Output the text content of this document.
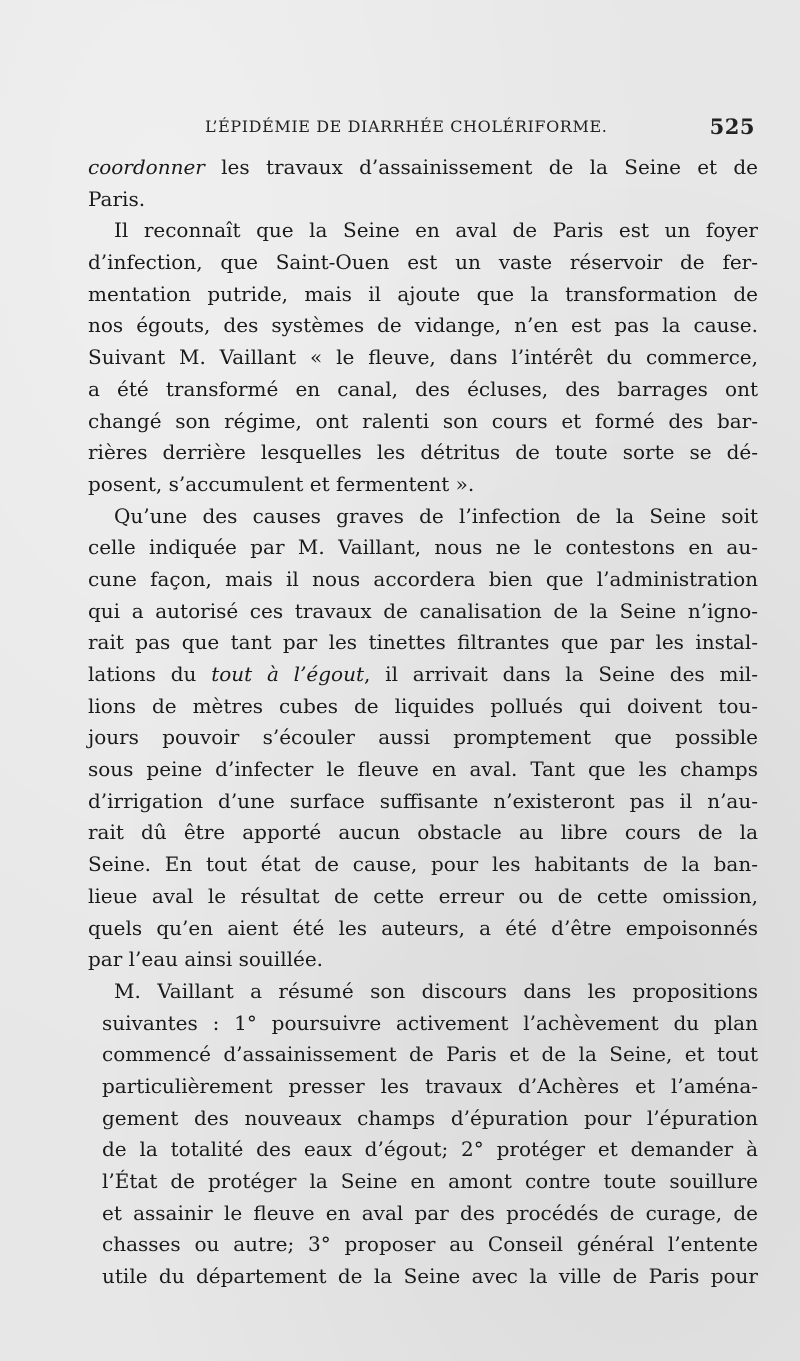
L’ÉPIDÉMIE DE DIARRHÉE CHOLÉRIFORME.	525
coordonner les travaux d’assainissement de la Seine et de
Paris.
Il reconnaît que la Seine en aval de Paris est un foyer
d’infection, que Saint-Ouen est un vaste réservoir de fer-
mentation putride, mais il ajoute que la transformation de
nos égouts, des systèmes de vidange, n’en est pas la cause.
Suivant M. Vaillant « le fleuve, dans l’intérêt du commerce,
a été transformé en canal, des écluses, des barrages ont
changé son régime, ont ralenti son cours et formé des bar-
rières derrière lesquelles les détritus de toute sorte se dé-
posent, s’accumulent et fermentent ».
Qu’une des causes graves de l’infection de la Seine soit
celle indiquée par M. Vaillant, nous ne le contestons en au-
cune façon, mais il nous accordera bien que l’administration
qui a autorisé ces travaux de canalisation de la Seine n’igno-
rait pas que tant par les tinettes filtrantes que par les instal-
lations du tout à l’égout, il arrivait dans la Seine des mil-
lions de mètres cubes de liquides pollués qui doivent tou-
jours pouvoir s’écouler aussi promptement que possible
sous peine d’infecter le fleuve en aval. Tant que les champs
d’irrigation d’une surface suffisante n’existeront pas il n’au-
rait dû être apporté aucun obstacle au libre cours de la
Seine. En tout état de cause, pour les habitants de la ban-
lieue aval le résultat de cette erreur ou de cette omission,
quels qu’en aient été les auteurs, a été d’être empoisonnés
par l’eau ainsi souillée.
M. Vaillant a résumé son discours dans les propositions
suivantes : 1° poursuivre activement l’achèvement du plan
commencé d’assainissement de Paris et de la Seine, et tout
particulièrement presser les travaux d’Achères et l’aména-
gement des nouveaux champs d’épuration pour l’épuration
de la totalité des eaux d’égout; 2° protéger et demander à
l’État de protéger la Seine en amont contre toute souillure
et assainir le fleuve en aval par des procédés de curage, de
chasses ou autre; 3° proposer au Conseil général l’entente
utile du département de la Seine avec la ville de Paris pour
